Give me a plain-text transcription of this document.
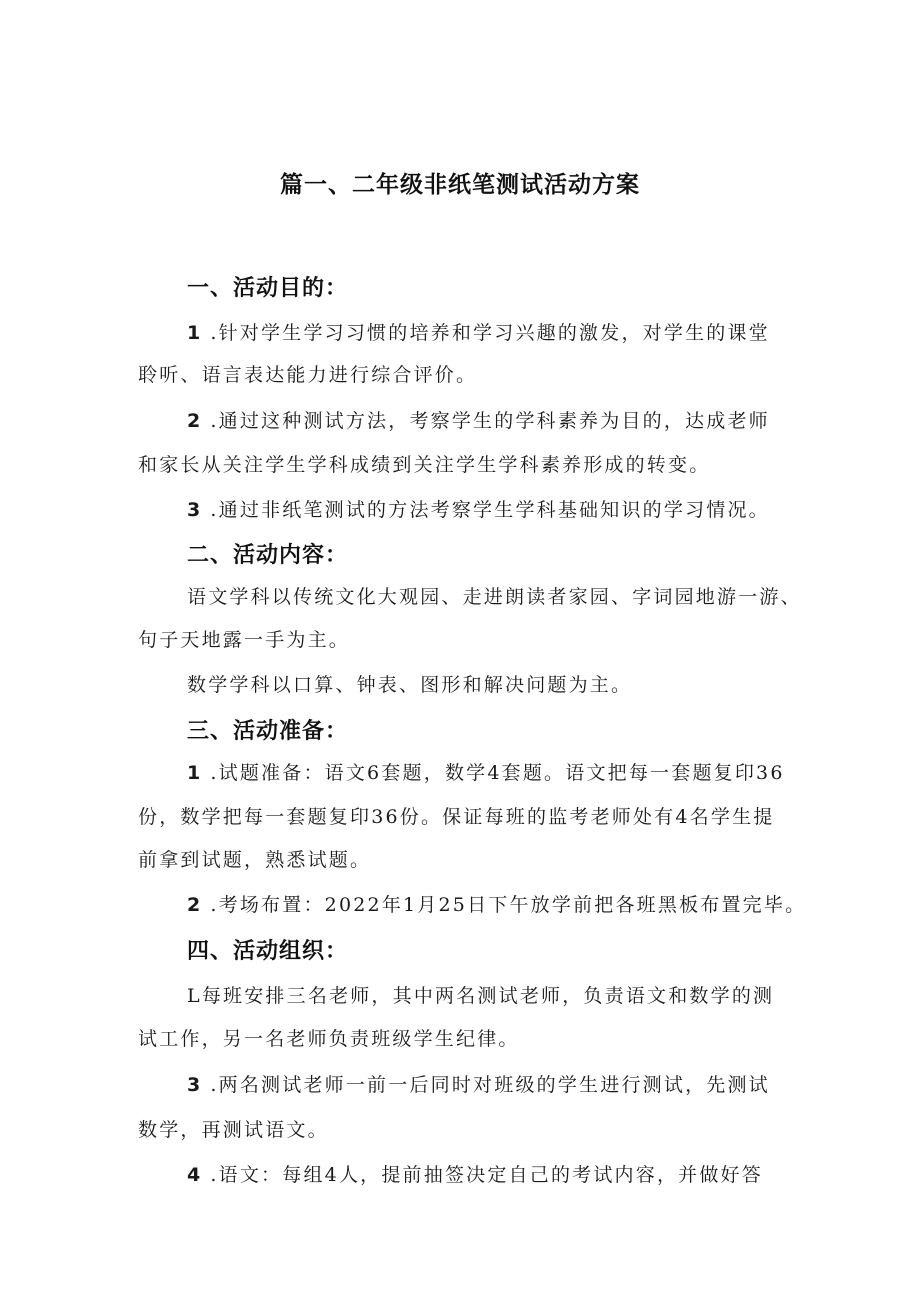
篇一、二年级非纸笔测试活动方案
一、活动目的：
1 .针对学生学习习惯的培养和学习兴趣的激发，对学生的课堂
聆听、语言表达能力进行综合评价。
2 .通过这种测试方法，考察学生的学科素养为目的，达成老师
和家长从关注学生学科成绩到关注学生学科素养形成的转变。
3 .通过非纸笔测试的方法考察学生学科基础知识的学习情况。
二、活动内容：
语文学科以传统文化大观园、走进朗读者家园、字词园地游一游、
句子天地露一手为主。
数学学科以口算、钟表、图形和解决问题为主。
三、活动准备：
1 .试题准备：语文6套题，数学4套题。语文把每一套题复印36
份，数学把每一套题复印36份。保证每班的监考老师处有4名学生提
前拿到试题，熟悉试题。
2 .考场布置：2022年1月25日下午放学前把各班黑板布置完毕。
四、活动组织：
L每班安排三名老师，其中两名测试老师，负责语文和数学的测
试工作，另一名老师负责班级学生纪律。
3 .两名测试老师一前一后同时对班级的学生进行测试，先测试
数学，再测试语文。
4 .语文：每组4人，提前抽签决定自己的考试内容，并做好答
